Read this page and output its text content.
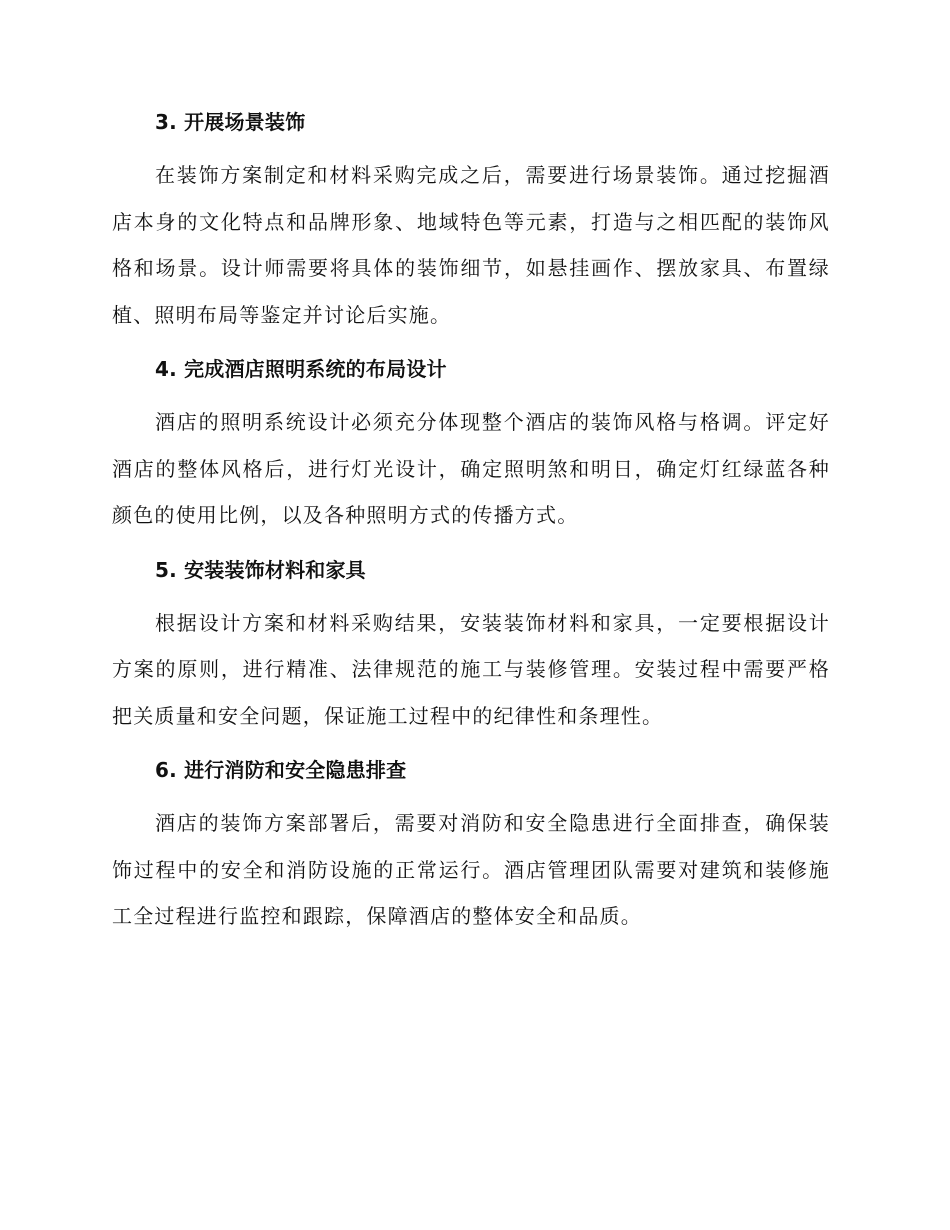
3. 开展场景装饰

在装饰方案制定和材料采购完成之后，需要进行场景装饰。通过挖掘酒店本身的文化特点和品牌形象、地域特色等元素，打造与之相匹配的装饰风格和场景。设计师需要将具体的装饰细节，如悬挂画作、摆放家具、布置绿植、照明布局等鉴定并讨论后实施。

4. 完成酒店照明系统的布局设计

酒店的照明系统设计必须充分体现整个酒店的装饰风格与格调。评定好酒店的整体风格后，进行灯光设计，确定照明煞和明日，确定灯红绿蓝各种颜色的使用比例，以及各种照明方式的传播方式。

5. 安装装饰材料和家具

根据设计方案和材料采购结果，安装装饰材料和家具，一定要根据设计方案的原则，进行精准、法律规范的施工与装修管理。安装过程中需要严格把关质量和安全问题，保证施工过程中的纪律性和条理性。

6. 进行消防和安全隐患排查

酒店的装饰方案部署后，需要对消防和安全隐患进行全面排查，确保装饰过程中的安全和消防设施的正常运行。酒店管理团队需要对建筑和装修施工全过程进行监控和跟踪，保障酒店的整体安全和品质。
